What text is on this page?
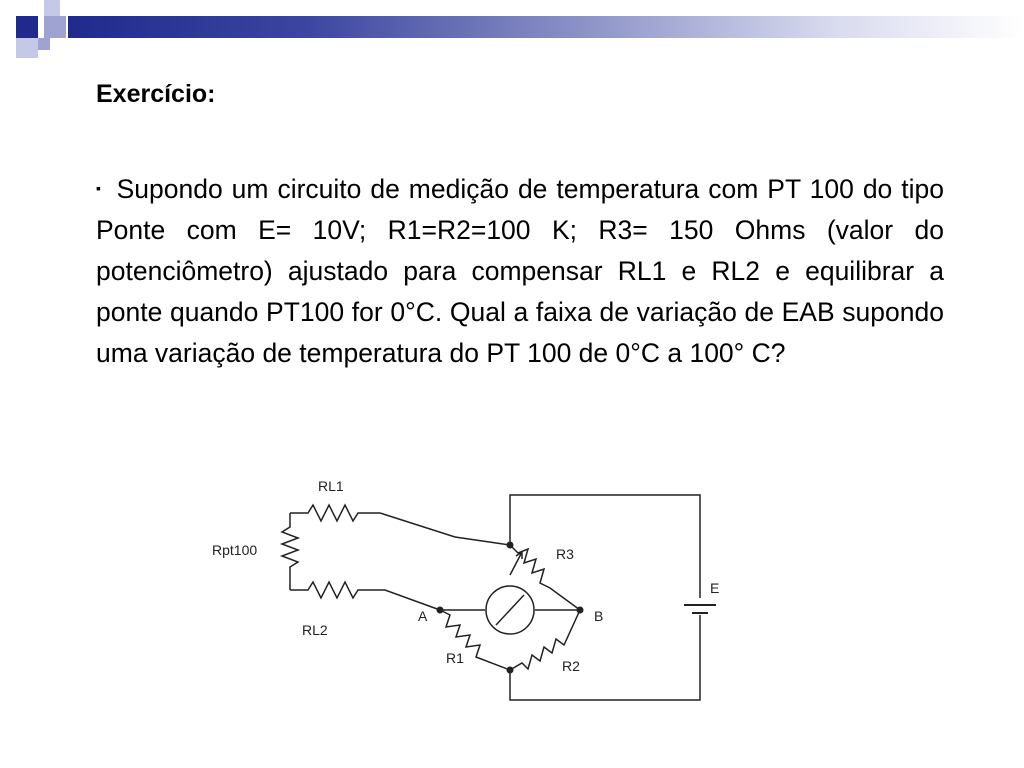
Exercício:
▪ Supondo um circuito de medição de temperatura com PT 100 do tipo Ponte com E= 10V; R1=R2=100 K; R3= 150 Ohms (valor do potenciômetro) ajustado para compensar RL1 e RL2 e equilibrar a ponte quando PT100 for 0°C. Qual a faixa de variação de EAB supondo uma variação de temperatura do PT 100 de 0°C a 100° C?
RL1
Rpt100
RL2
R3
A	B
R1	R2
E
